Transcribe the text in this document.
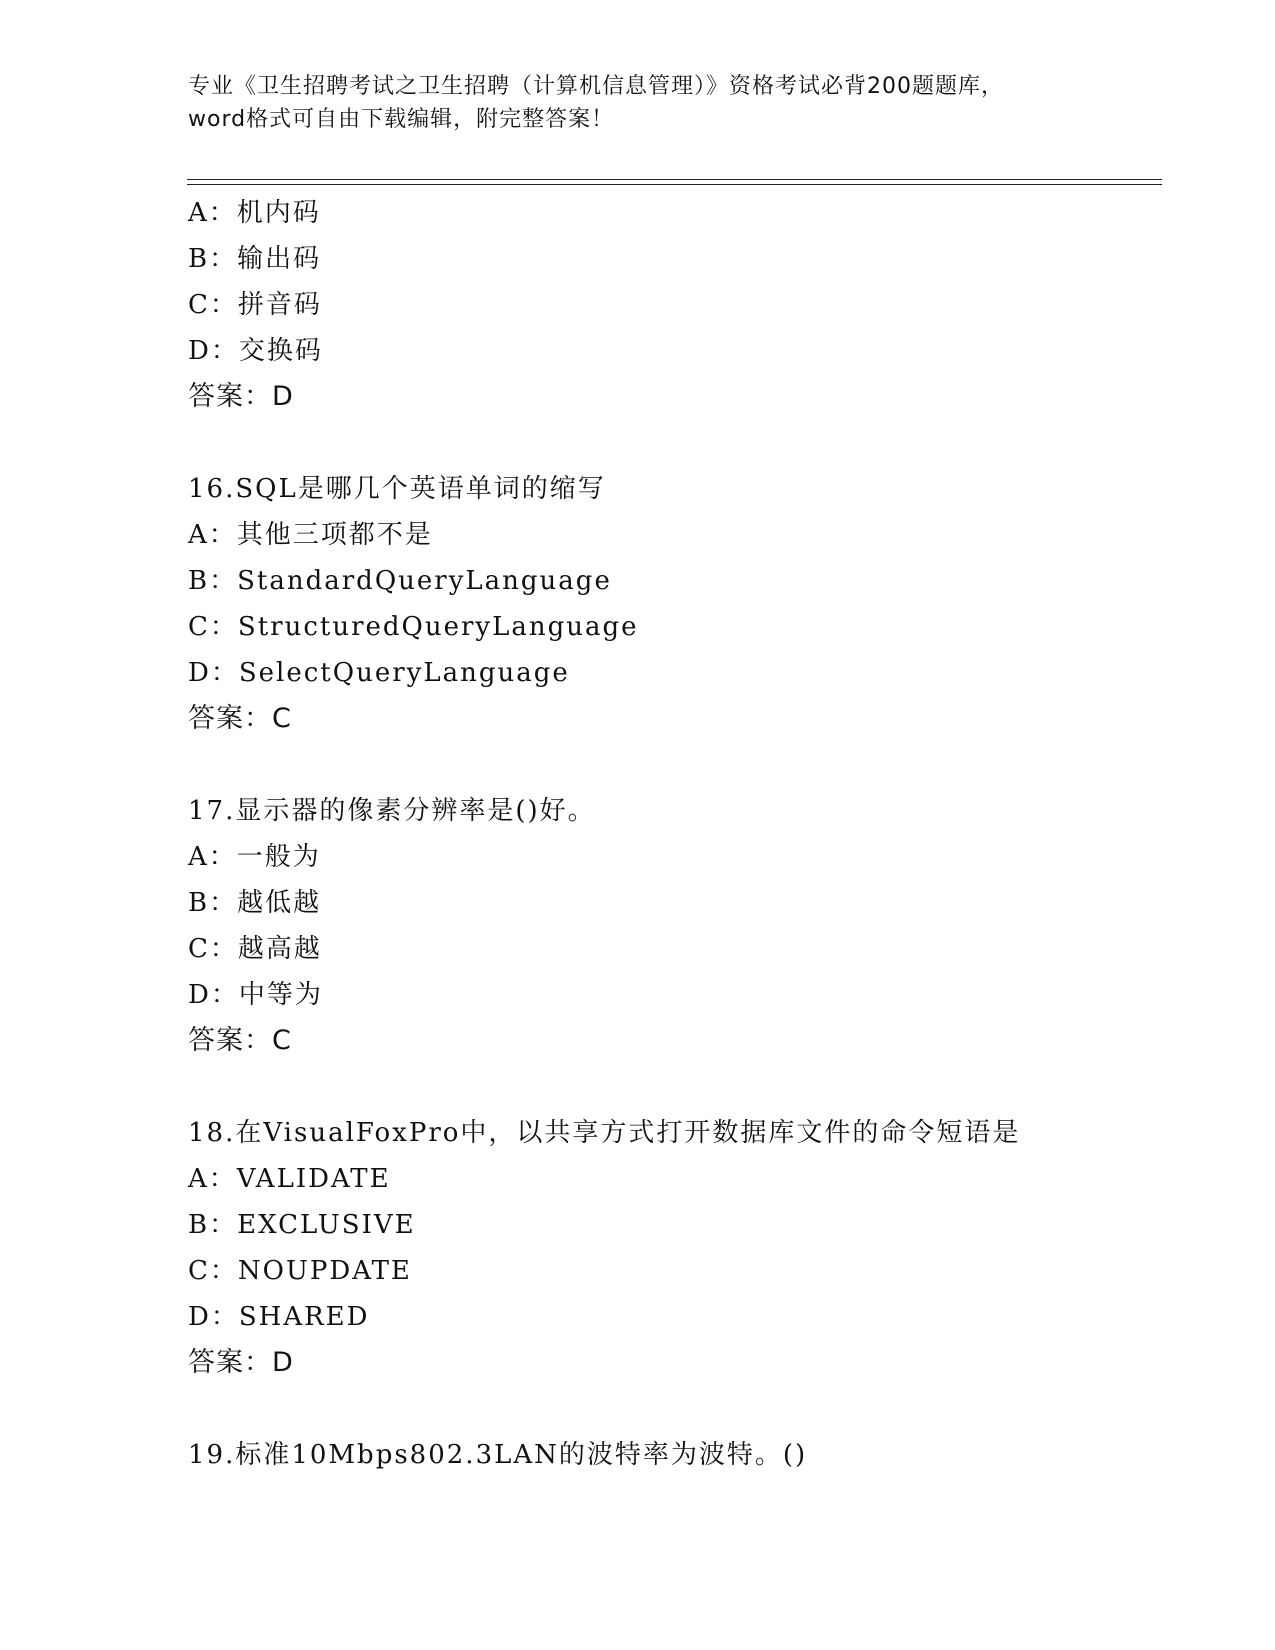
专业《卫生招聘考试之卫生招聘（计算机信息管理）》资格考试必背200题题库，
word格式可自由下载编辑，附完整答案！
A：机内码
B：输出码
C：拼音码
D：交换码
答案：D
16.SQL是哪几个英语单词的缩写
A：其他三项都不是
B：StandardQueryLanguage
C：StructuredQueryLanguage
D：SelectQueryLanguage
答案：C
17.显示器的像素分辨率是()好。
A：一般为
B：越低越
C：越高越
D：中等为
答案：C
18.在VisualFoxPro中，以共享方式打开数据库文件的命令短语是
A：VALIDATE
B：EXCLUSIVE
C：NOUPDATE
D：SHARED
答案：D
19.标准10Mbps802.3LAN的波特率为波特。()
